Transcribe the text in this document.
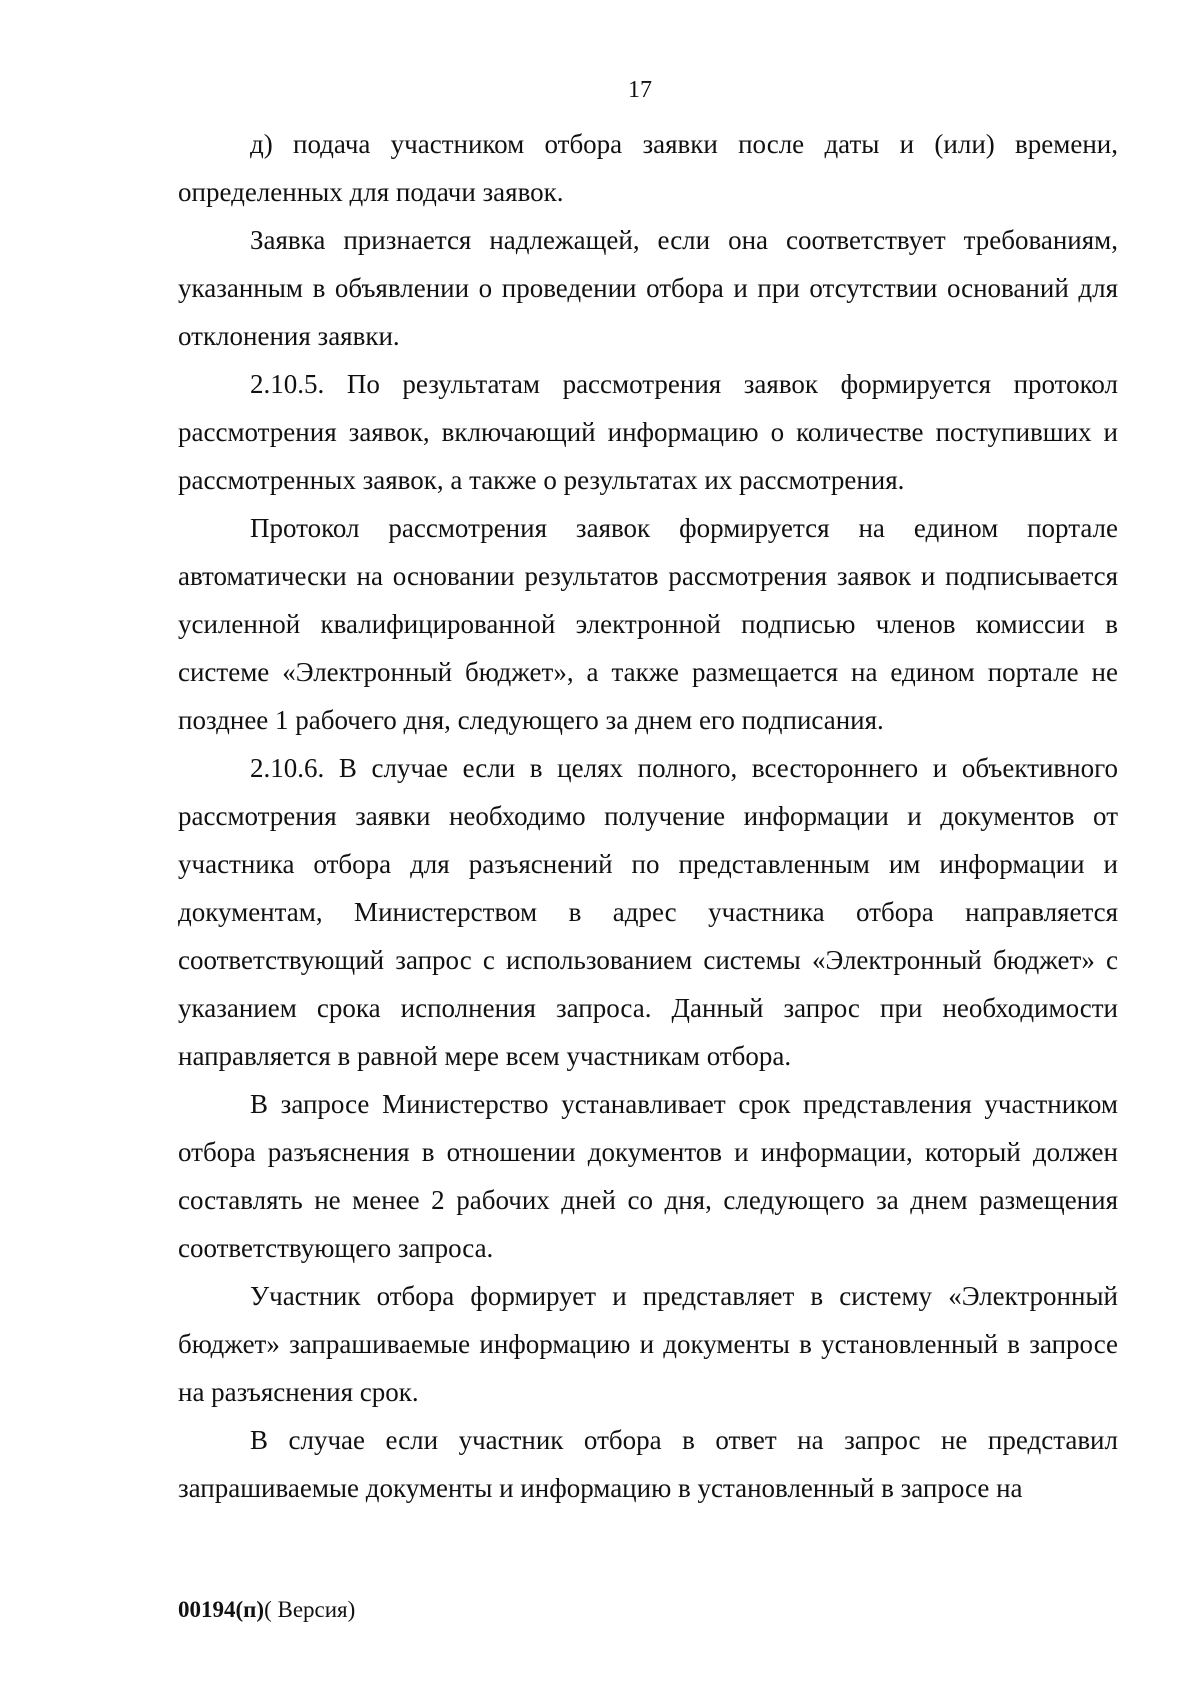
17

д) подача участником отбора заявки после даты и (или) времени, определенных для подачи заявок.

Заявка признается надлежащей, если она соответствует требованиям, указанным в объявлении о проведении отбора и при отсутствии оснований для отклонения заявки.

2.10.5. По результатам рассмотрения заявок формируется протокол рассмотрения заявок, включающий информацию о количестве поступивших и рассмотренных заявок, а также о результатах их рассмотрения.

Протокол рассмотрения заявок формируется на едином портале автоматически на основании результатов рассмотрения заявок и подписывается усиленной квалифицированной электронной подписью членов комиссии в системе «Электронный бюджет», а также размещается на едином портале не позднее 1 рабочего дня, следующего за днем его подписания.

2.10.6. В случае если в целях полного, всестороннего и объективного рассмотрения заявки необходимо получение информации и документов от участника отбора для разъяснений по представленным им информации и документам, Министерством в адрес участника отбора направляется соответствующий запрос с использованием системы «Электронный бюджет» с указанием срока исполнения запроса. Данный запрос при необходимости направляется в равной мере всем участникам отбора.

В запросе Министерство устанавливает срок представления участником отбора разъяснения в отношении документов и информации, который должен составлять не менее 2 рабочих дней со дня, следующего за днем размещения соответствующего запроса.

Участник отбора формирует и представляет в систему «Электронный бюджет» запрашиваемые информацию и документы в установленный в запросе на разъяснения срок.

В случае если участник отбора в ответ на запрос не представил запрашиваемые документы и информацию в установленный в запросе на

00194(п)( Версия)
